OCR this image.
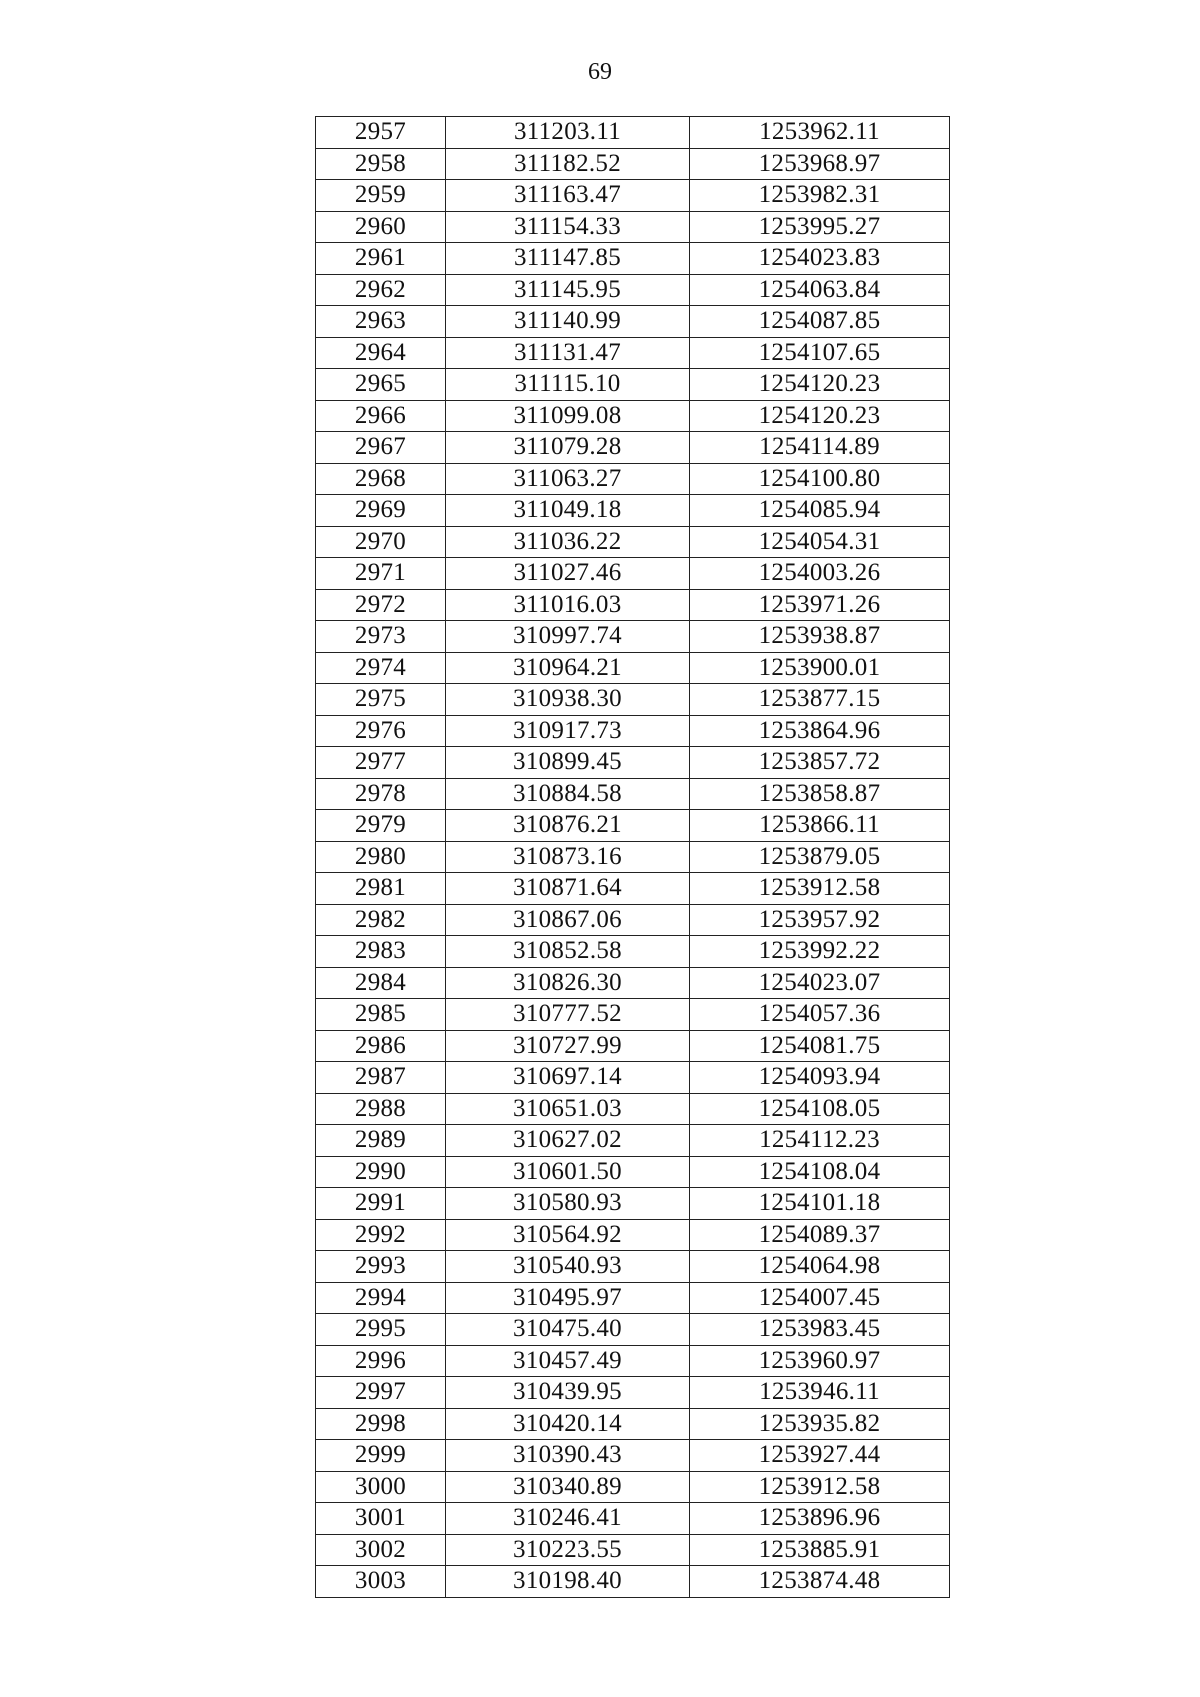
69
2957	311203.11	1253962.11
2958	311182.52	1253968.97
2959	311163.47	1253982.31
2960	311154.33	1253995.27
2961	311147.85	1254023.83
2962	311145.95	1254063.84
2963	311140.99	1254087.85
2964	311131.47	1254107.65
2965	311115.10	1254120.23
2966	311099.08	1254120.23
2967	311079.28	1254114.89
2968	311063.27	1254100.80
2969	311049.18	1254085.94
2970	311036.22	1254054.31
2971	311027.46	1254003.26
2972	311016.03	1253971.26
2973	310997.74	1253938.87
2974	310964.21	1253900.01
2975	310938.30	1253877.15
2976	310917.73	1253864.96
2977	310899.45	1253857.72
2978	310884.58	1253858.87
2979	310876.21	1253866.11
2980	310873.16	1253879.05
2981	310871.64	1253912.58
2982	310867.06	1253957.92
2983	310852.58	1253992.22
2984	310826.30	1254023.07
2985	310777.52	1254057.36
2986	310727.99	1254081.75
2987	310697.14	1254093.94
2988	310651.03	1254108.05
2989	310627.02	1254112.23
2990	310601.50	1254108.04
2991	310580.93	1254101.18
2992	310564.92	1254089.37
2993	310540.93	1254064.98
2994	310495.97	1254007.45
2995	310475.40	1253983.45
2996	310457.49	1253960.97
2997	310439.95	1253946.11
2998	310420.14	1253935.82
2999	310390.43	1253927.44
3000	310340.89	1253912.58
3001	310246.41	1253896.96
3002	310223.55	1253885.91
3003	310198.40	1253874.48
